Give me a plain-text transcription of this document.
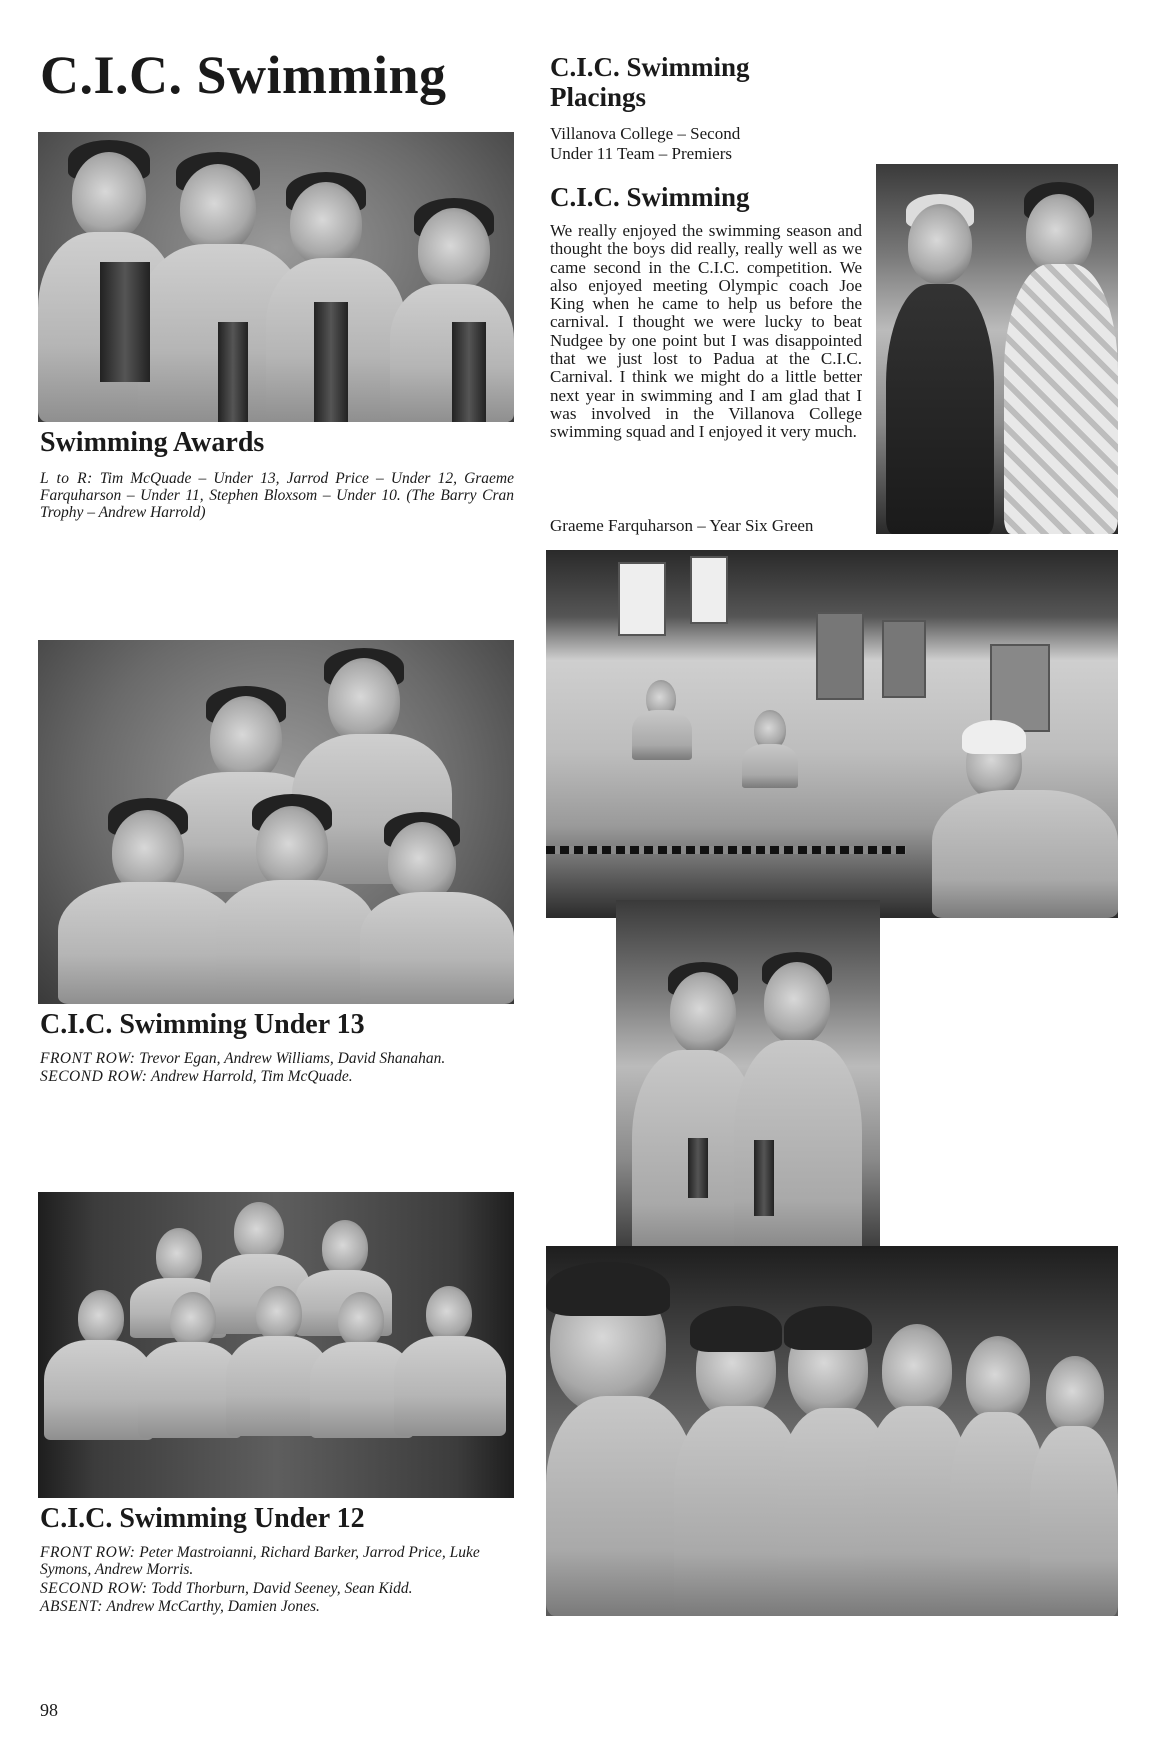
C.I.C. Swimming
Swimming Awards
L to R: Tim McQuade – Under 13, Jarrod Price – Under 12, Graeme Farquharson – Under 11, Stephen Bloxsom – Under 10. (The Barry Cran Trophy – Andrew Harrold)
C.I.C. Swimming
Placings
Villanova College – Second
Under 11 Team – Premiers
C.I.C. Swimming
We really enjoyed the swimming season and thought the boys did really, really well as we came second in the C.I.C. competition. We also enjoyed meeting Olympic coach Joe King when he came to help us before the carnival. I thought we were lucky to beat Nudgee by one point but I was disappointed that we just lost to Padua at the C.I.C. Carnival. I think we might do a little better next year in swimming and I am glad that I was involved in the Villanova College swimming squad and I enjoyed it very much.
Graeme Farquharson – Year Six Green
C.I.C. Swimming Under 13
FRONT ROW: Trevor Egan, Andrew Williams, David Shanahan.
SECOND ROW: Andrew Harrold, Tim McQuade.
C.I.C. Swimming Under 12
FRONT ROW: Peter Mastroianni, Richard Barker, Jarrod Price, Luke Symons, Andrew Morris.
SECOND ROW: Todd Thorburn, David Seeney, Sean Kidd.
ABSENT: Andrew McCarthy, Damien Jones.
98
